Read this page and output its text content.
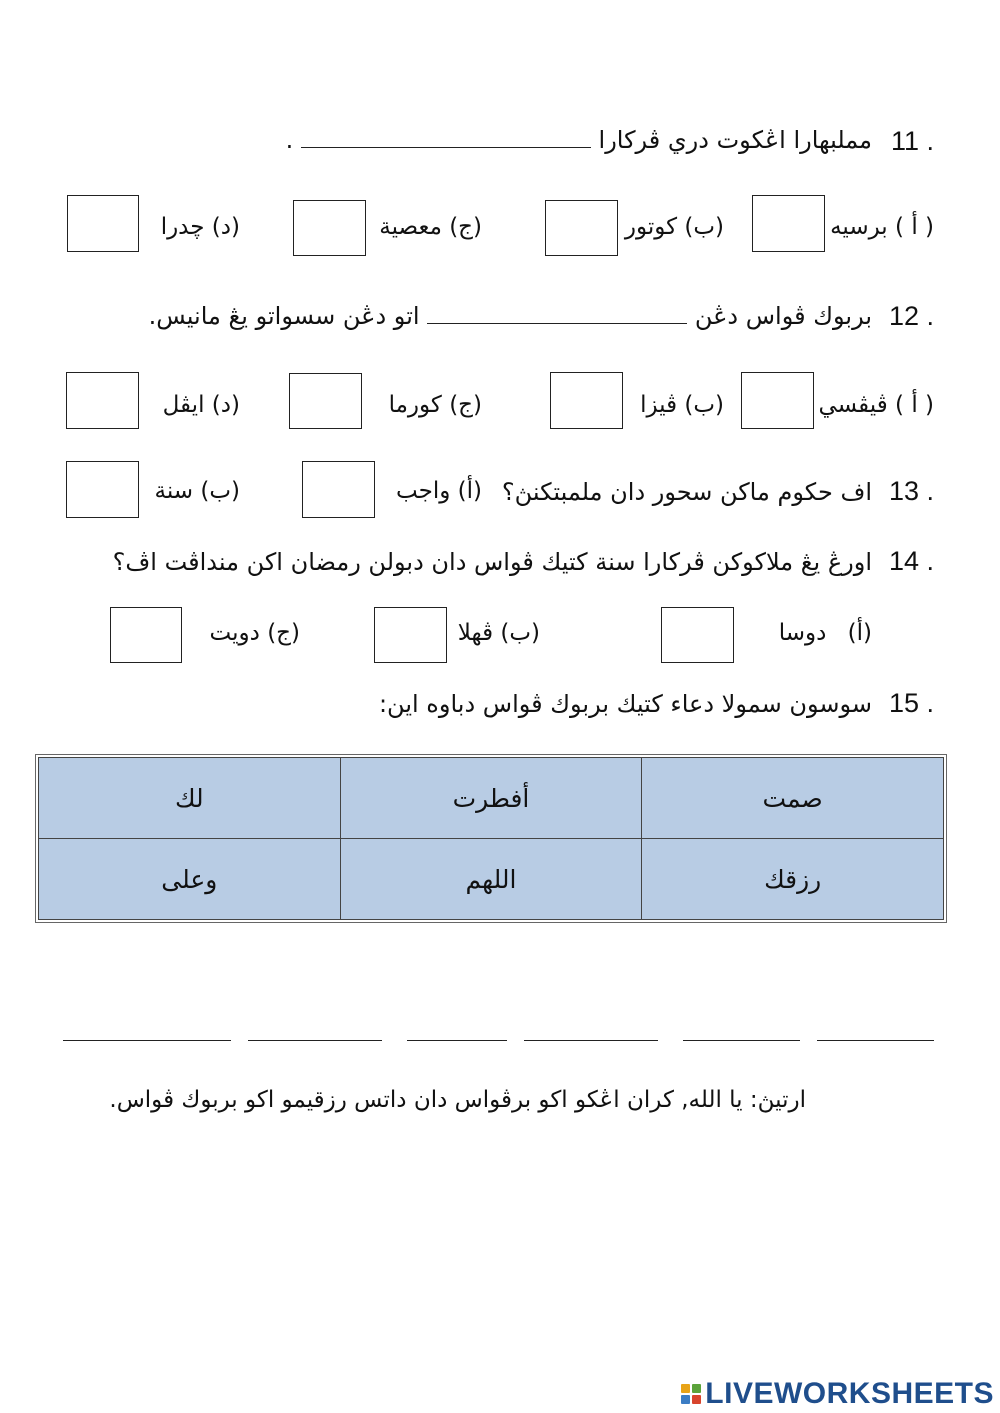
11 .
مملبهارا اڠكوت دري ڤركارا  .
( أ ) برسيه
(ب) كوتور
(ج) معصية
(د) چدرا
12 .
بربوك ڤواس دڠن  اتو دڠن سسواتو يڠ مانيس.
( أ ) ڤيڤسي
(ب) ڤيزا
(ج) كورما
(د) ايڤل
13 .
اف حكوم ماكن سحور دان ملمبتكنڽ؟
(أ) واجب
(ب) سنة
14 .
اورڠ يڠ ملاكوكن ڤركارا سنة كتيك ڤواس دان دبولن رمضان اكن منداڤت اڤ؟
(أ) دوسا
(ب) ڤهلا
(ج) دويت
15 .
سوسون سمولا دعاء كتيك بربوك ڤواس دباوه اين:
لك	أفطرت	صمت
وعلى	اللهم	رزقك
ارتيڽ: يا الله, كران اڠكو اكو برڤواس دان داتس رزقيمو اكو بربوك ڤواس.
LIVEWORKSHEETS
